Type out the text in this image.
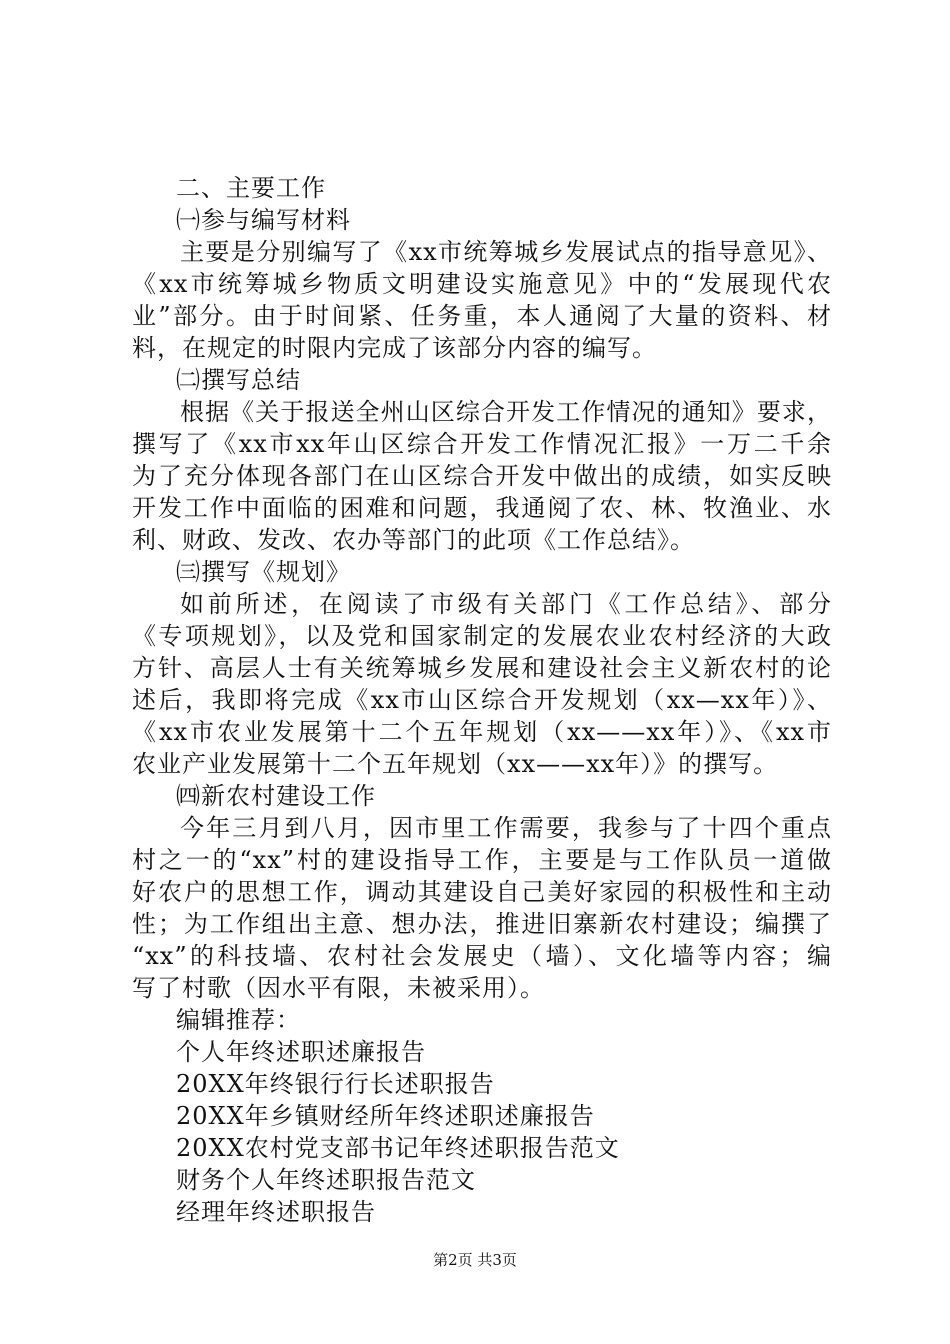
二、主要工作
㈠参与编写材料
主要是分别编写了《xx市统筹城乡发展试点的指导意见》、
《xx市统筹城乡物质文明建设实施意见》中的“发展现代农
业”部分。由于时间紧、任务重，本人通阅了大量的资料、材
料，在规定的时限内完成了该部分内容的编写。
㈡撰写总结
根据《关于报送全州山区综合开发工作情况的通知》要求，
撰写了《xx市xx年山区综合开发工作情况汇报》一万二千余
为了充分体现各部门在山区综合开发中做出的成绩，如实反映
开发工作中面临的困难和问题，我通阅了农、林、牧渔业、水
利、财政、发改、农办等部门的此项《工作总结》。
㈢撰写《规划》
如前所述，在阅读了市级有关部门《工作总结》、部分
《专项规划》，以及党和国家制定的发展农业农村经济的大政
方针、高层人士有关统筹城乡发展和建设社会主义新农村的论
述后，我即将完成《xx市山区综合开发规划（xx—xx年）》、
《xx市农业发展第十二个五年规划（xx——xx年）》、《xx市
农业产业发展第十二个五年规划（xx——xx年）》的撰写。
㈣新农村建设工作
今年三月到八月，因市里工作需要，我参与了十四个重点
村之一的“xx”村的建设指导工作，主要是与工作队员一道做
好农户的思想工作，调动其建设自己美好家园的积极性和主动
性；为工作组出主意、想办法，推进旧寨新农村建设；编撰了
“xx”的科技墙、农村社会发展史（墙）、文化墙等内容；编
写了村歌（因水平有限，未被采用）。
编辑推荐：
个人年终述职述廉报告
20XX年终银行行长述职报告
20XX年乡镇财经所年终述职述廉报告
20XX农村党支部书记年终述职报告范文
财务个人年终述职报告范文
经理年终述职报告
第2页 共3页
